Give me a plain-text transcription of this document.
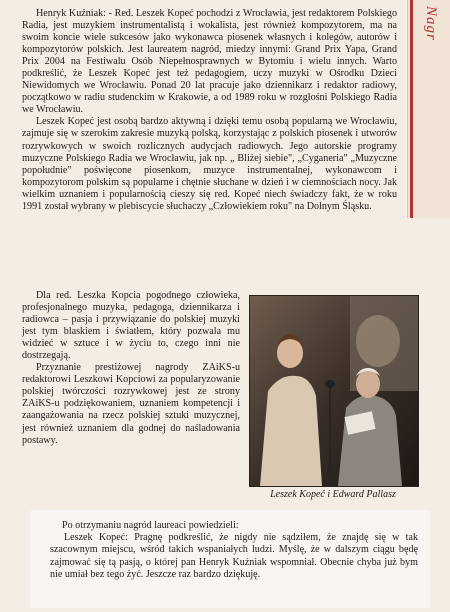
Nagr

Henryk Kuźniak: - Red. Leszek Kopeć pochodzi z Wrocławia, jest redaktorem Polskiego Radia, jest muzykiem instrumentalistą i wokalista, jest również kompozytorem, ma na swoim koncie wiele sukcesów jako wykonawca piosenek własnych i kolegów, autorów i kompozytorów polskich. Jest laureatem nagród, miedzy innymi: Grand Prix Yapa, Grand Prix 2004 na Festiwalu Osób Niepełnosprawnych w Bytomiu i wielu innych. Warto podkreślić, że Leszek Kopeć jest też pedagogiem, uczy muzyki w Ośrodku Dzieci Niewidomych we Wrocławiu. Ponad 20 lat pracuje jako dziennikarz i redaktor radiowy, początkowo w radiu studenckim w Krakowie, a od 1989 roku w rozgłośni Polskiego Radia we Wrocławiu.

Leszek Kopeć jest osobą bardzo aktywną i dzięki temu osobą popularną we Wrocławiu, zajmuje się w szerokim zakresie muzyką polską, korzystając z polskich piosenek i utworów rozrywkowych w swoich rozlicznych audycjach radiowych. Jego autorskie programy muzyczne Polskiego Radia we Wrocławiu, jak np. „ Bliżej siebie", „Cyganeria" „Muzyczne popołudnie" poświęcone piosenkom, muzyce instrumentalnej, wykonawcom i kompozytorom polskim są popularne i chętnie słuchane w dzień i w ciemnościach nocy. Jak wielkim uznaniem i popularnością cieszy się red. Kopeć niech świadczy fakt, że w roku 1991 został wybrany w plebiscycie słuchaczy „Człowiekiem roku" na Dolnym Śląsku.

Dla red. Leszka Kopcia pogodnego człowieka, profesjonalnego muzyka, pedagoga, dziennikarza i radiowca – pasja i przywiązanie do polskiej muzyki jest tym blaskiem i światłem, który pozwala mu widzieć w sztuce i w życiu to, czego inni nie dostrzegają.

Przyznanie prestiżowej nagrody ZAiKS-u redaktorowi Leszkowi Kopciowi za popularyzowanie polskiej twórczości rozrywkowej jest ze strony ZAiKS-u podziękowaniem, uznaniem kompetencji i zaangażowania na rzecz polskiej sztuki muzycznej, jest również uznaniem dla godnej do naśladowania postawy.

Leszek Kopeć i Edward Pallasz

Po otrzymaniu nagród laureaci powiedzieli:

Leszek Kopeć: Pragnę podkreślić, że nigdy nie sądziłem, że znajdę się w tak szacownym miejscu, wśród takich wspaniałych ludzi. Myślę, że w dalszym ciągu będę zajmować się tą pasją, o której pan Henryk Kuźniak wspomniał. Obecnie chyba już bym nie umiał bez tego żyć. Jeszcze raz bardzo dziękuję.
